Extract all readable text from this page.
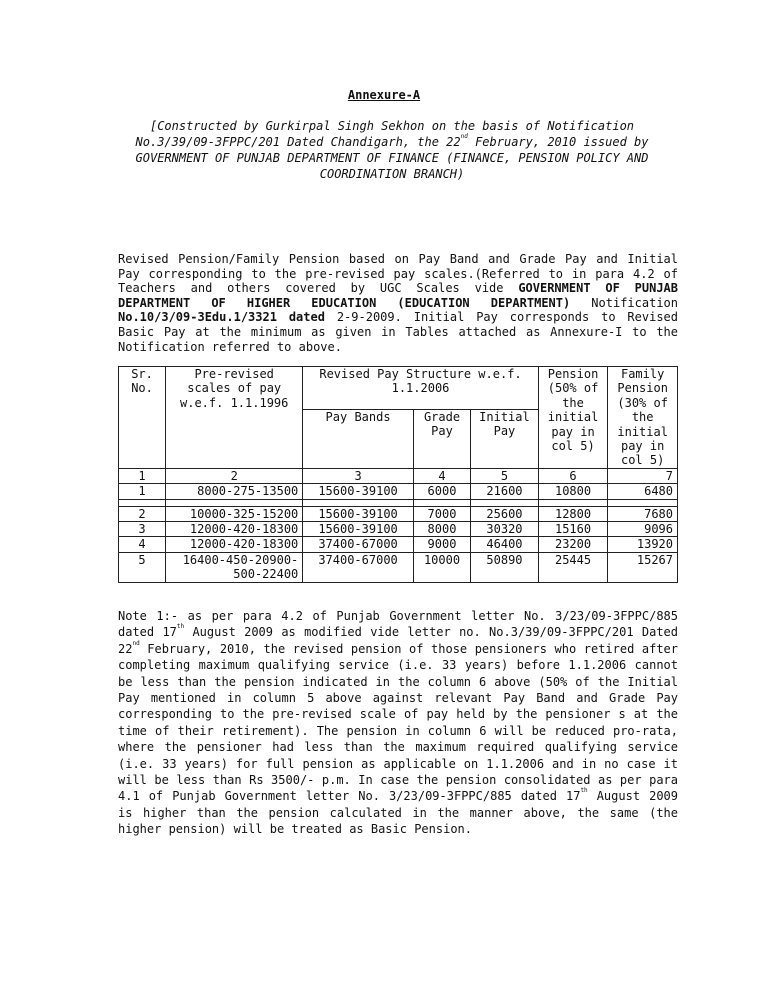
Annexure-A
[Constructed by Gurkirpal Singh Sekhon on the basis of Notification
No.3/39/09-3FPPC/201 Dated Chandigarh, the 22nd February, 2010 issued by
GOVERNMENT OF PUNJAB DEPARTMENT OF FINANCE (FINANCE, PENSION POLICY AND
COORDINATION BRANCH)
Revised Pension/Family Pension based on Pay Band and Grade Pay and Initial Pay corresponding to the pre-revised pay scales.(Referred to in para 4.2 of Teachers and others covered by UGC Scales vide GOVERNMENT OF PUNJAB DEPARTMENT OF HIGHER EDUCATION (EDUCATION DEPARTMENT) Notification No.10/3/09-3Edu.1/3321 dated 2-9-2009. Initial Pay corresponds to Revised Basic Pay at the minimum as given in Tables attached as Annexure-I to the Notification referred to above.
Sr. No.	Pre-revised scales of pay w.e.f. 1.1.1996	Revised Pay Structure w.e.f. 1.1.2006			Pension (50% of the initial pay in col 5)	Family Pension (30% of the initial pay in col 5)
		Pay Bands	Grade Pay	Initial Pay		
1	2	3	4	5	6	7
1	8000-275-13500	15600-39100	6000	21600	10800	6480

2	10000-325-15200	15600-39100	7000	25600	12800	7680
3	12000-420-18300	15600-39100	8000	30320	15160	9096
4	12000-420-18300	37400-67000	9000	46400	23200	13920
5	16400-450-20900-500-22400	37400-67000	10000	50890	25445	15267
Note 1:- as per para 4.2 of Punjab Government letter No. 3/23/09-3FPPC/885 dated 17th August 2009 as modified vide letter no. No.3/39/09-3FPPC/201 Dated 22nd February, 2010, the revised pension of those pensioners who retired after completing maximum qualifying service (i.e. 33 years) before 1.1.2006 cannot be less than the pension indicated in the column 6 above (50% of the Initial Pay mentioned in column 5 above against relevant Pay Band and Grade Pay corresponding to the pre-revised scale of pay held by the pensioner s at the time of their retirement). The pension in column 6 will be reduced pro-rata, where the pensioner had less than the maximum required qualifying service (i.e. 33 years) for full pension as applicable on 1.1.2006 and in no case it will be less than Rs 3500/- p.m. In case the pension consolidated as per para 4.1 of Punjab Government letter No. 3/23/09-3FPPC/885 dated 17th August 2009 is higher than the pension calculated in the manner above, the same (the higher pension) will be treated as Basic Pension.
